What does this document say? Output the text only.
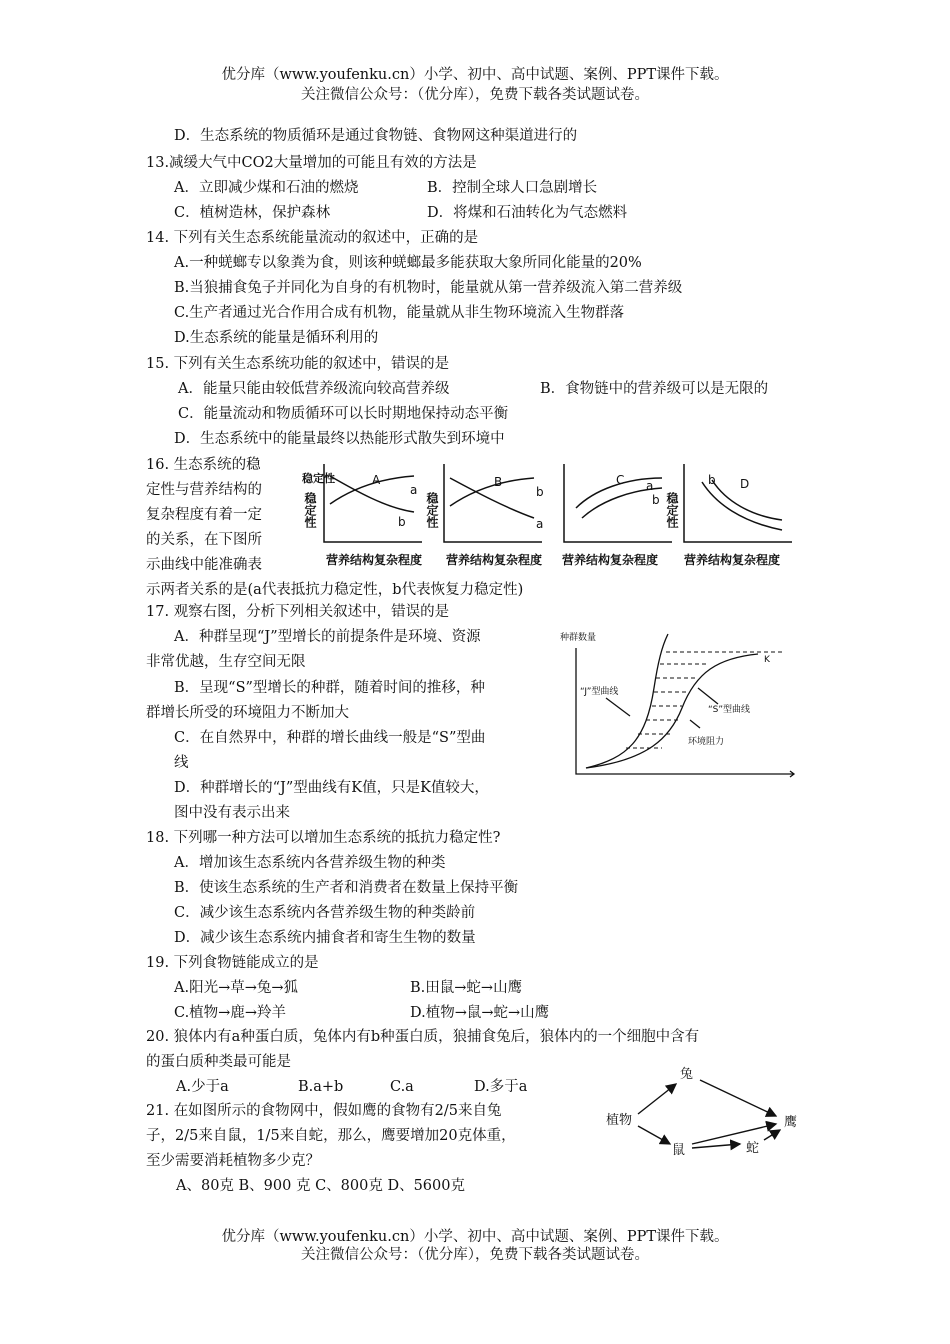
优分库（www.youfenku.cn）小学、初中、高中试题、案例、PPT课件下载。
关注微信公众号：（优分库），免费下载各类试题试卷。
D．生态系统的物质循环是通过食物链、食物网这种渠道进行的
13.减缓大气中CO2大量增加的可能且有效的方法是
A．立即减少煤和石油的燃烧	B．控制全球人口急剧增长
C．植树造林，保护森林	D．将煤和石油转化为气态燃料
14. 下列有关生态系统能量流动的叙述中，正确的是
A.一种蜣螂专以象粪为食，则该种蜣螂最多能获取大象所同化能量的20%
B.当狼捕食兔子并同化为自身的有机物时，能量就从第一营养级流入第二营养级
C.生产者通过光合作用合成有机物，能量就从非生物环境流入生物群落
D.生态系统的能量是循环利用的
15. 下列有关生态系统功能的叙述中，错误的是
A．能量只能由较低营养级流向较高营养级	B．食物链中的营养级可以是无限的
C．能量流动和物质循环可以长时期地保持动态平衡
D．生态系统中的能量最终以热能形式散失到环境中
16. 生态系统的稳
定性与营养结构的
复杂程度有着一定
的关系，在下图所
示曲线中能准确表
示两者关系的是(a代表抵抗力稳定性，b代表恢复力稳定性)
稳定性
稳定性	稳定性	稳定性
营养结构复杂程度 营养结构复杂程度 营养结构复杂程度 营养结构复杂程度
A
a
b
B
b
a
C a
b
b D
17. 观察右图，分析下列相关叙述中，错误的是
A．种群呈现“J”型增长的前提条件是环境、资源
非常优越，生存空间无限
B．呈现“S”型增长的种群，随着时间的推移，种
群增长所受的环境阻力不断加大
C．在自然界中，种群的增长曲线一般是“S”型曲
线
D．种群增长的“J”型曲线有K值，只是K值较大，
图中没有表示出来
种群数量
“J”型曲线
“S”型曲线
K
环境阻力
18. 下列哪一种方法可以增加生态系统的抵抗力稳定性?
A．增加该生态系统内各营养级生物的种类
B．使该生态系统的生产者和消费者在数量上保持平衡
C．减少该生态系统内各营养级生物的种类龄前
D．减少该生态系统内捕食者和寄生生物的数量
19. 下列食物链能成立的是
A.阳光→草→兔→狐	B.田鼠→蛇→山鹰
C.植物→鹿→羚羊	D.植物→鼠→蛇→山鹰
20. 狼体内有a种蛋白质，兔体内有b种蛋白质，狼捕食兔后，狼体内的一个细胞中含有
的蛋白质种类最可能是
A.少于a	B.a+b	C.a	D.多于a
21. 在如图所示的食物网中，假如鹰的食物有2/5来自兔
子，2/5来自鼠，1/5来自蛇，那么，鹰要增加20克体重，
至少需要消耗植物多少克？
A、80克 B、900 克 C、800克 D、5600克
植物
兔
鼠	蛇
鹰
优分库（www.youfenku.cn）小学、初中、高中试题、案例、PPT课件下载。
关注微信公众号：（优分库），免费下载各类试题试卷。
